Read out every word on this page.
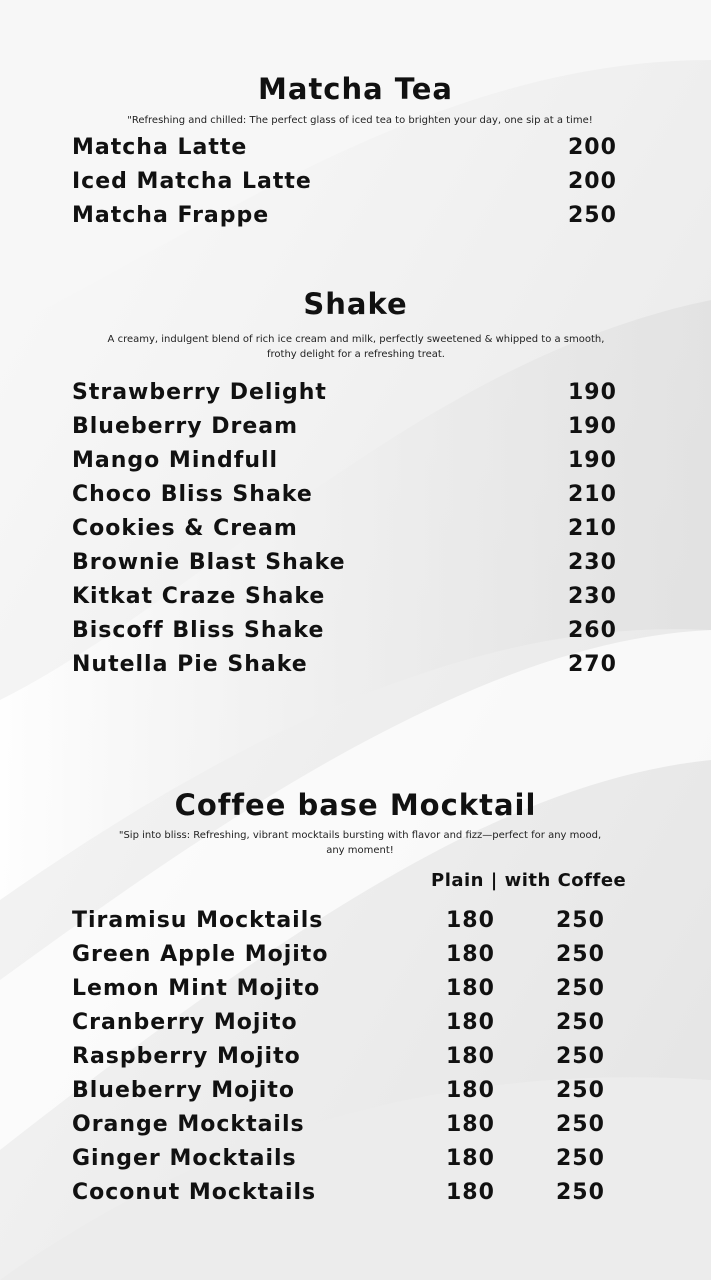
Matcha Tea
"Refreshing and chilled: The perfect glass of iced tea to brighten your day, one sip at a time!
Matcha Latte	200
Iced Matcha Latte	200
Matcha Frappe	250
Shake
A creamy, indulgent blend of rich ice cream and milk, perfectly sweetened & whipped to a smooth, frothy delight for a refreshing treat.
Strawberry Delight	190
Blueberry Dream	190
Mango Mindfull	190
Choco Bliss Shake	210
Cookies & Cream	210
Brownie Blast Shake	230
Kitkat Craze Shake	230
Biscoff Bliss Shake	260
Nutella Pie Shake	270
Coffee base Mocktail
"Sip into bliss: Refreshing, vibrant mocktails bursting with flavor and fizz—perfect for any mood, any moment!
Plain | with Coffee
Tiramisu Mocktails	180	250
Green Apple Mojito	180	250
Lemon Mint Mojito	180	250
Cranberry Mojito	180	250
Raspberry Mojito	180	250
Blueberry Mojito	180	250
Orange Mocktails	180	250
Ginger Mocktails	180	250
Coconut Mocktails	180	250
